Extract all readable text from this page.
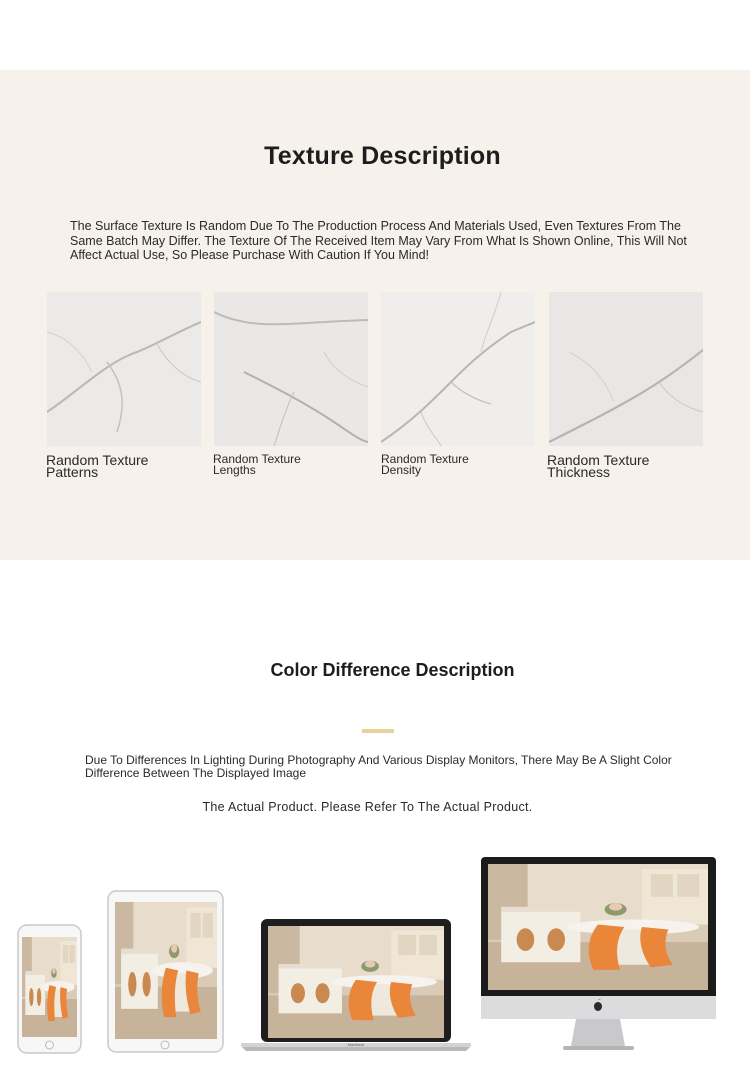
Texture Description

The Surface Texture Is Random Due To The Production Process And Materials Used, Even Textures From The Same Batch May Differ. The Texture Of The Received Item May Vary From What Is Shown Online, This Will Not Affect Actual Use, So Please Purchase With Caution If You Mind!

Random Texture
Patterns
Random Texture
Lengths
Random Texture
Density
Random Texture
Thickness
Color Difference Description

Due To Differences In Lighting During Photography And Various Display Monitors, There May Be A Slight Color Difference Between The Displayed Image

The Actual Product. Please Refer To The Actual Product.

MacBook
